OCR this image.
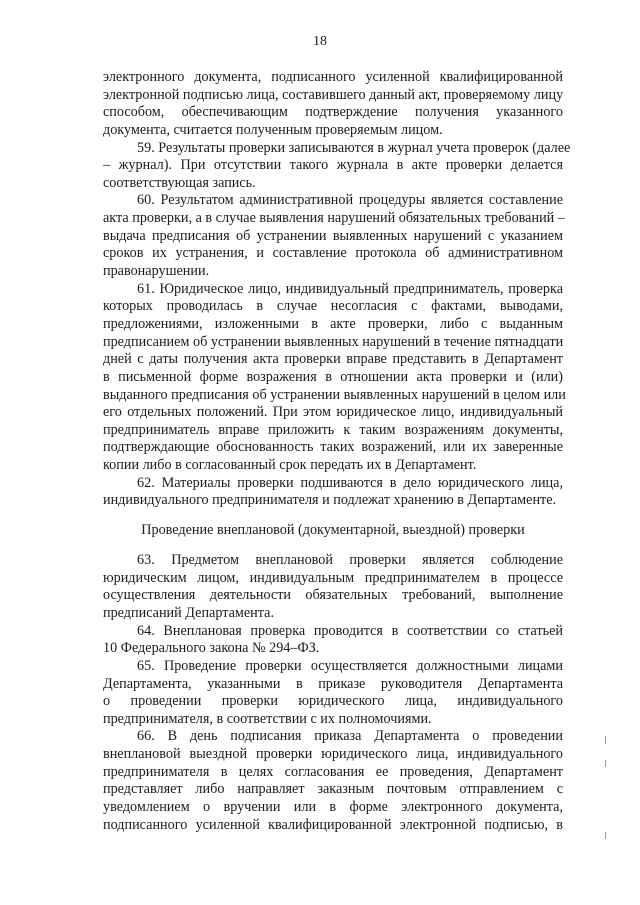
18
электронного документа, подписанного усиленной квалифицированной
электронной подписью лица, составившего данный акт, проверяемому лицу
способом, обеспечивающим подтверждение получения указанного
документа, считается полученным проверяемым лицом.
59. Результаты проверки записываются в журнал учета проверок (далее
– журнал). При отсутствии такого журнала в акте проверки делается
соответствующая запись.
60. Результатом административной процедуры является составление
акта проверки, а в случае выявления нарушений обязательных требований –
выдача предписания об устранении выявленных нарушений с указанием
сроков их устранения, и составление протокола об административном
правонарушении.
61. Юридическое лицо, индивидуальный предприниматель, проверка
которых проводилась в случае несогласия с фактами, выводами,
предложениями, изложенными в акте проверки, либо с выданным
предписанием об устранении выявленных нарушений в течение пятнадцати
дней с даты получения акта проверки вправе представить в Департамент
в письменной форме возражения в отношении акта проверки и (или)
выданного предписания об устранении выявленных нарушений в целом или
его отдельных положений. При этом юридическое лицо, индивидуальный
предприниматель вправе приложить к таким возражениям документы,
подтверждающие обоснованность таких возражений, или их заверенные
копии либо в согласованный срок передать их в Департамент.
62. Материалы проверки подшиваются в дело юридического лица,
индивидуального предпринимателя и подлежат хранению в Департаменте.
Проведение внеплановой (документарной, выездной) проверки
63. Предметом внеплановой проверки является соблюдение
юридическим лицом, индивидуальным предпринимателем в процессе
осуществления деятельности обязательных требований, выполнение
предписаний Департамента.
64. Внеплановая проверка проводится в соответствии со статьей
10 Федерального закона № 294–ФЗ.
65. Проведение проверки осуществляется должностными лицами
Департамента, указанными в приказе руководителя Департамента
о проведении проверки юридического лица, индивидуального
предпринимателя, в соответствии с их полномочиями.
66. В день подписания приказа Департамента о проведении
внеплановой выездной проверки юридического лица, индивидуального
предпринимателя в целях согласования ее проведения, Департамент
представляет либо направляет заказным почтовым отправлением с
уведомлением о вручении или в форме электронного документа,
подписанного усиленной квалифицированной электронной подписью, в
